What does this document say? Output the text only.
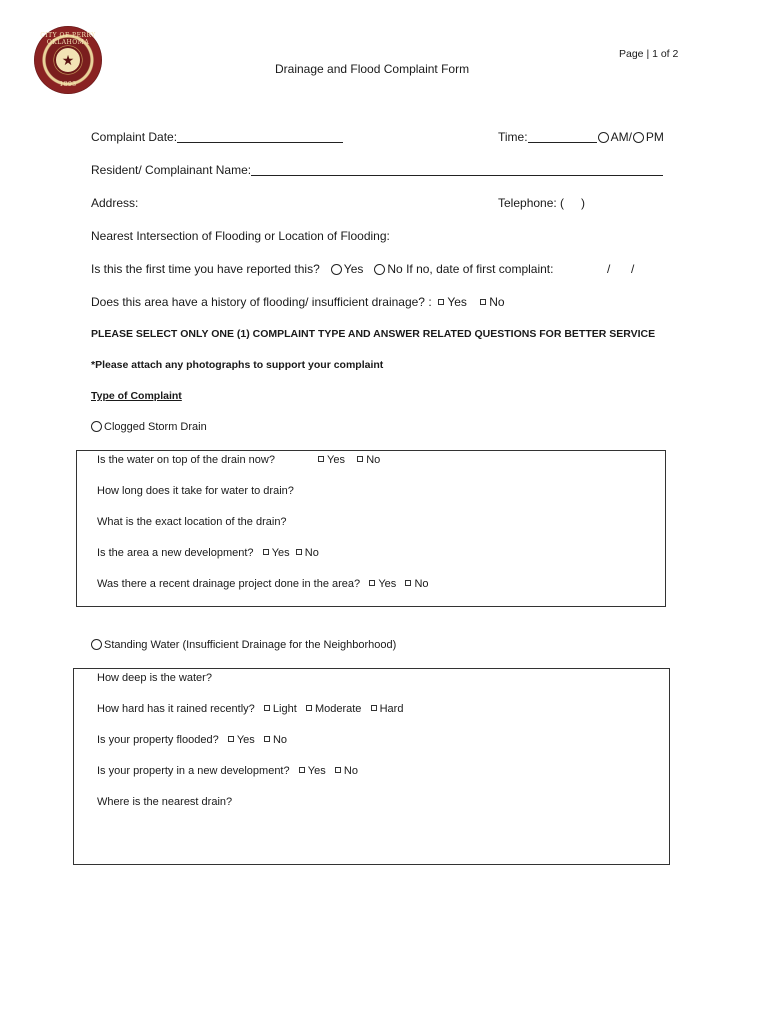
CITY OF PERRY OKLAHOMA
★
1893
Page | 1 of 2
Drainage and Flood Complaint Form
Complaint Date:	Time:	AM/ PM
Resident/ Complainant Name:
Address:	Telephone: ( )
Nearest Intersection of Flooding or Location of Flooding:
Is this the first time you have reported this? Yes No If no, date of first complaint:	/ /
Does this area have a history of flooding/ insufficient drainage? : Yes No
PLEASE SELECT ONLY ONE (1) COMPLAINT TYPE AND ANSWER RELATED QUESTIONS FOR BETTER SERVICE
*Please attach any photographs to support your complaint
Type of Complaint
Clogged Storm Drain
Is the water on top of the drain now?	Yes No
How long does it take for water to drain?
What is the exact location of the drain?
Is the area a new development? Yes No
Was there a recent drainage project done in the area? Yes No
Standing Water (Insufficient Drainage for the Neighborhood)
How deep is the water?
How hard has it rained recently? Light Moderate Hard
Is your property flooded? Yes No
Is your property in a new development? Yes No
Where is the nearest drain?
